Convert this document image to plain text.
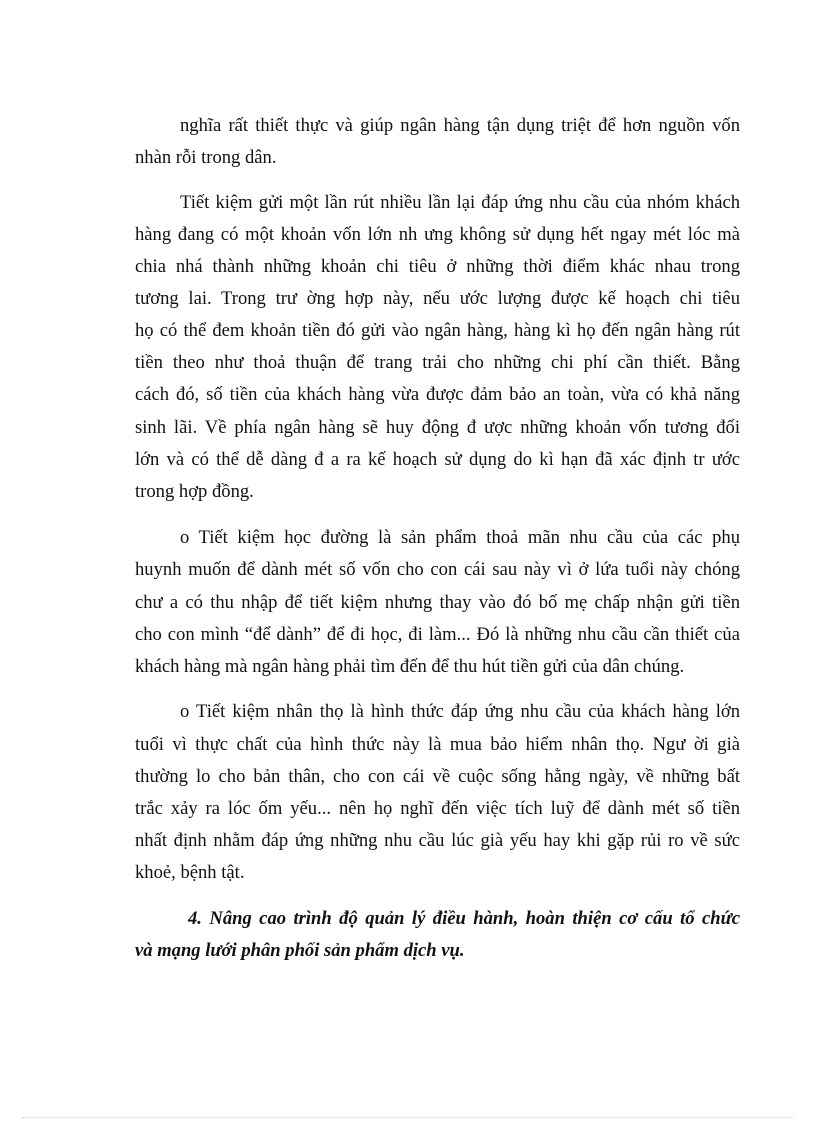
nghĩa rất thiết thực và giúp ngân hàng tận dụng triệt để hơn nguồn vốn
nhàn rỗi trong dân.
Tiết kiệm gửi một lần rút nhiều lần lại đáp ứng nhu cầu của nhóm khách
hàng đang có một khoản vốn lớn nh ưng không sử dụng hết ngay mét lóc mà
chia nhá thành những khoản chi tiêu ở những thời điểm khác nhau trong
tương lai. Trong trư ờng hợp này, nếu ước lượng được kế hoạch chi tiêu
họ có thể đem khoản tiền đó gửi vào ngân hàng, hàng kì họ đến ngân hàng rút
tiền theo như thoả thuận để trang trải cho những chi phí cần thiết. Bằng
cách đó, số tiền của khách hàng vừa được đảm bảo an toàn, vừa có khả năng
sinh lãi. Về phía ngân hàng sẽ huy động đ ược những khoản vốn tương đối
lớn và có thể dễ dàng đ a ra kế hoạch sử dụng do kì hạn đã xác định tr ước
trong hợp đồng.
o Tiết kiệm học đường là sản phẩm thoả mãn nhu cầu của các phụ
huynh muốn để dành mét số vốn cho con cái sau này vì ở lứa tuổi này chóng
chư a có thu nhập để tiết kiệm nhưng thay vào đó bố mẹ chấp nhận gửi tiền
cho con mình “để dành” để đi học, đi làm... Đó là những nhu cầu cần thiết của
khách hàng mà ngân hàng phải tìm đến để thu hút tiền gửi của dân chúng.
o Tiết kiệm nhân thọ là hình thức đáp ứng nhu cầu của khách hàng lớn
tuổi vì thực chất của hình thức này là mua bảo hiểm nhân thọ. Ngư ời già
thường lo cho bản thân, cho con cái về cuộc sống hằng ngày, về những bất
trắc xảy ra lóc ốm yếu... nên họ nghĩ đến việc tích luỹ để dành mét số tiền
nhất định nhằm đáp ứng những nhu cầu lúc già yếu hay khi gặp rủi ro về sức
khoẻ, bệnh tật.
4. Nâng cao trình độ quản lý điều hành, hoàn thiện cơ cấu tổ chức
và mạng lưới phân phối sản phẩm dịch vụ.
